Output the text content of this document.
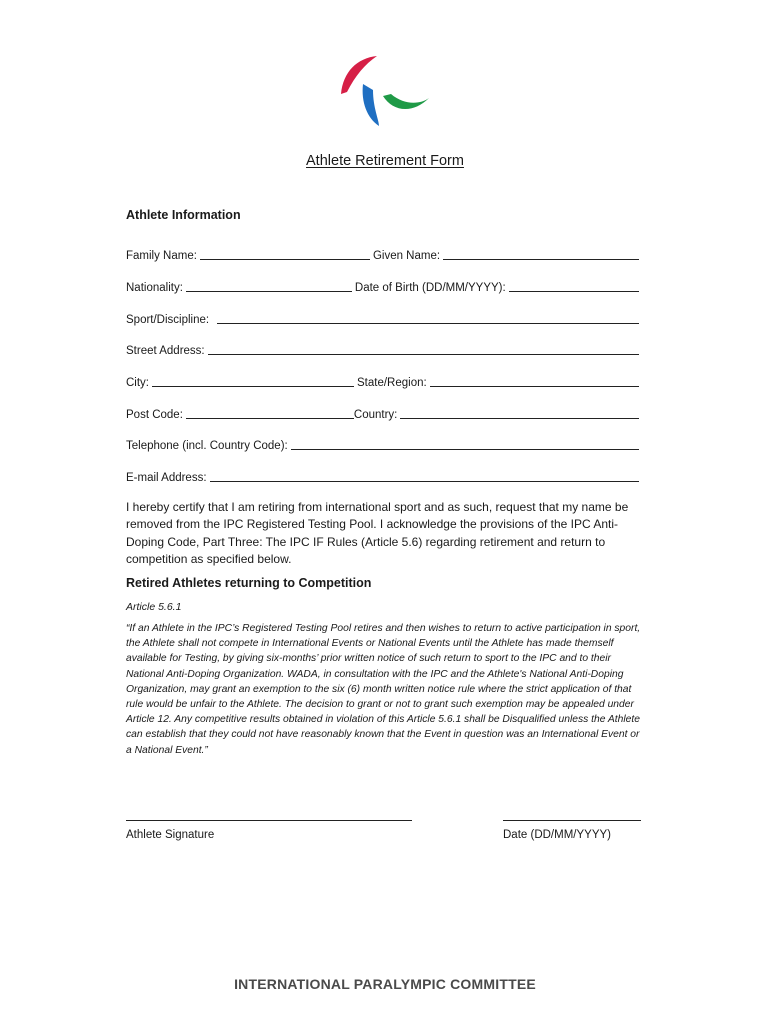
Athlete Retirement Form
Athlete Information
Family Name:	Given Name:
Nationality:	Date of Birth (DD/MM/YYYY):
Sport/Discipline:
Street Address:
City:	State/Region:
Post Code:	Country:
Telephone (incl. Country Code):
E-mail Address:
I hereby certify that I am retiring from international sport and as such, request that my name be removed from the IPC Registered Testing Pool. I acknowledge the provisions of the IPC Anti-Doping Code, Part Three: The IPC IF Rules (Article 5.6) regarding retirement and return to competition as specified below.
Retired Athletes returning to Competition
Article 5.6.1
“If an Athlete in the IPC’s Registered Testing Pool retires and then wishes to return to active participation in sport, the Athlete shall not compete in International Events or National Events until the Athlete has made themself available for Testing, by giving six-months’ prior written notice of such return to sport to the IPC and to their National Anti-Doping Organization. WADA, in consultation with the IPC and the Athlete's National Anti-Doping Organization, may grant an exemption to the six (6) month written notice rule where the strict application of that rule would be unfair to the Athlete. The decision to grant or not to grant such exemption may be appealed under Article 12. Any competitive results obtained in violation of this Article 5.6.1 shall be Disqualified unless the Athlete can establish that they could not have reasonably known that the Event in question was an International Event or a National Event.”
Athlete Signature	Date (DD/MM/YYYY)
INTERNATIONAL PARALYMPIC COMMITTEE
